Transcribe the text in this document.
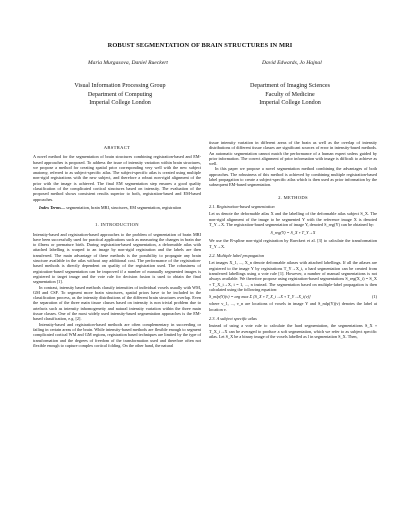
ROBUST SEGMENTATION OF BRAIN STRUCTURES IN MRI
Maria Murgasova, Daniel Rueckert	David Edwards, Jo Hajnal
Visual Information Processing Group
Department of Computing
Imperial College London
Department of Imaging Sciences
Faculty of Medicine
Imperial College London
ABSTRACT

A novel method for the segmentation of brain structures combining registration-based and EM-based approaches is proposed. To address the issue of intensity variation within brain structures, we propose a method for creating spatial prior corresponding very well with the new subject anatomy, referred to as subject-specific atlas. The subject-specific atlas is created using multiple non-rigid registrations with the new subject, and therefore a robust non-rigid alignment of the prior with the image is achieved. The final EM segmentation step ensures a good quality classification of the complicated cortical structures based on intensity. The evaluation of the proposed method shows consistent results superior to both, registration-based and EM-based approaches.

Index Terms— segmentation, brain MRI, structures, EM segmentation, registration
1. INTRODUCTION

Intensity-based and registration-based approaches to the problem of segmentation of brain MRI have been successfully used for practical applications such as measuring the changes in brain due to illness or premature birth. During registration-based segmentation, a deformable atlas with attached labelling is warped to an image by non-rigid registration and the labels are then transferred. The main advantage of these methods is the possibility to propagate any brain structure available in the atlas without any additional cost. The performance of the registration-based methods is directly dependent on quality of the registration used. The robustness of registration-based segmentation can be improved if a number of manually segmented images is registered to target image and the vote rule for decision fusion is used to obtain the final segmentation [1].

In contrast, intensity based methods classify intensities of individual voxels usually with WM, GM and CSF. To segment more brain structures, spatial priors have to be included in the classification process, as the intensity distributions of the different brain structures overlap. Even the separation of the three main tissue classes based on intensity is non trivial problem due to artefacts such as intensity inhomogeneity and natural intensity variation within the three main tissue classes. One of the most widely used intensity-based segmentation approaches is the EM-based classification, e.g. [2].

Intensity-based and registration-based methods are often complementary in succeeding or failing in certain areas of the brain. While intensity-based methods are flexible enough to segment complicated cortical WM and GM regions, registration based techniques are limited by the type of transformation and the degrees of freedom of the transformation used and therefore often not flexible enough to capture complex cortical folding. On the other hand, the natural

tissue intensity variation in different areas of the brain as well as the overlap of intensity distributions of different tissue classes are significant sources of error in intensity-based methods. An automatic segmentation cannot match the performance of a human expert unless guided by prior information. The correct alignment of prior information with image is difficult to achieve as well.

In this paper we propose a novel segmentation method combining the advantages of both approaches. The robustness of this method is achieved by combining multiple registration-based label propagation to create a subject-specific atlas which is then used as prior information by the subsequent EM-based segmentation.

2. METHODS
2.1. Registration-based segmentation

Let us denote the deformable atlas X and the labelling of the deformable atlas subject S_X. The non-rigid alignment of the image to be segmented Y with the reference image X is denoted T_Y→X. The registration-based segmentation of image Y, denoted S_reg(Y) can be obtained by:

S_reg(Y) = S_X ∘ T_Y→X

We use the B-spline non-rigid registration by Rueckert et al. [3] to calculate the transformation T_Y→X.

2.2. Multiple label propagation

Let images X_1, ..., X_n denote deformable atlases with attached labellings. If all the atlases are registered to the image Y by registrations T_Y→X_i, a hard segmentation can be created from transferred labellings using a vote rule [1]. However, a number of manual segmentations is not always available. We therefore propose using registration-based segmentations S_reg(X_i) = S_X ∘ T_X_i→X, i = 1, ..., n instead. The segmentation based on multiple-label propagation is then calculated using the following equation:

S_mlp(Y)(v) = arg max Σ [S_X ∘ T_X_i→X ∘ T_Y→X_i(v)]	(1)

where v_1, ..., v_n are locations of voxels in image Y and S_mlp(Y)(v) denotes the label at location v.

2.3. A subject specific atlas

Instead of using a vote rule to calculate the hard segmentation, the segmentations S_X ∘ T_X_i→X can be averaged to produce a soft segmentation, which we refer to as subject specific atlas. Let S_X be a binary image of the voxels labelled as l in segmentation S_X. Then,
